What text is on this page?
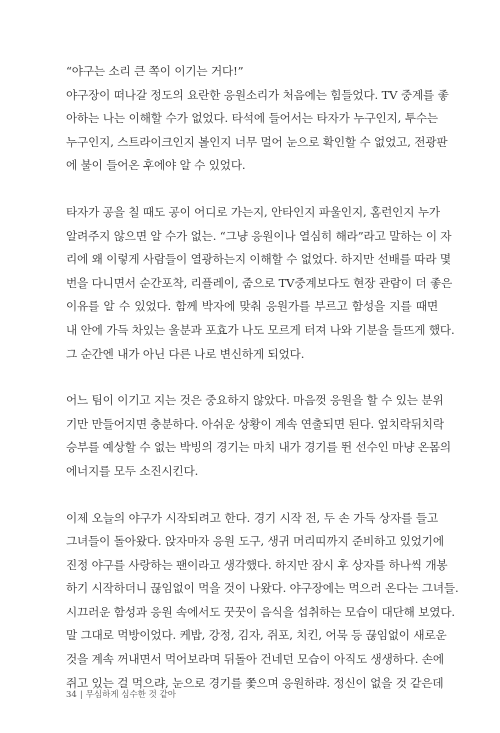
“야구는 소리 큰 쪽이 이기는 거다!”
야구장이 떠나갈 정도의 요란한 응원소리가 처음에는 힘들었다. TV 중계를 좋
아하는 나는 이해할 수가 없었다. 타석에 들어서는 타자가 누구인지, 투수는
누구인지, 스트라이크인지 볼인지 너무 멀어 눈으로 확인할 수 없었고, 전광판
에 불이 들어온 후에야 알 수 있었다.
타자가 공을 칠 때도 공이 어디로 가는지, 안타인지 파울인지, 홈런인지 누가
알려주지 않으면 알 수가 없는. “그냥 응원이나 열심히 해라”라고 말하는 이 자
리에 왜 이렇게 사람들이 열광하는지 이해할 수 없었다. 하지만 선배를 따라 몇
번을 다니면서 순간포착, 리플레이, 줌으로 TV중계보다도 현장 관람이 더 좋은
이유를 알 수 있었다. 함께 박자에 맞춰 응원가를 부르고 함성을 지를 때면
내 안에 가득 차있는 울분과 포효가 나도 모르게 터져 나와 기분을 들뜨게 했다.
그 순간엔 내가 아닌 다른 나로 변신하게 되었다.
어느 팀이 이기고 지는 것은 중요하지 않았다. 마음껏 응원을 할 수 있는 분위
기만 만들어지면 충분하다. 아쉬운 상황이 계속 연출되면 된다. 엎치락뒤치락
승부를 예상할 수 없는 박빙의 경기는 마치 내가 경기를 뛴 선수인 마냥 온몸의
에너지를 모두 소진시킨다.
이제 오늘의 야구가 시작되려고 한다. 경기 시작 전, 두 손 가득 상자를 들고
그녀들이 돌아왔다. 앉자마자 응원 도구, 생귀 머리띠까지 준비하고 있었기에
진정 야구를 사랑하는 팬이라고 생각했다. 하지만 잠시 후 상자를 하나씩 개봉
하기 시작하더니 끊임없이 먹을 것이 나왔다. 야구장에는 먹으러 온다는 그녀들.
시끄러운 함성과 응원 속에서도 꿋꿋이 음식을 섭취하는 모습이 대단해 보였다.
말 그대로 먹방이었다. 케밥, 강정, 김자, 쥐포, 치킨, 어묵 등 끊임없이 새로운
것을 계속 꺼내면서 먹어보라며 뒤돌아 건네던 모습이 아직도 생생하다. 손에
쥐고 있는 걸 먹으랴, 눈으로 경기를 쫓으며 응원하랴. 정신이 없을 것 같은데
34 | 무심하게 심수한 것 같아
